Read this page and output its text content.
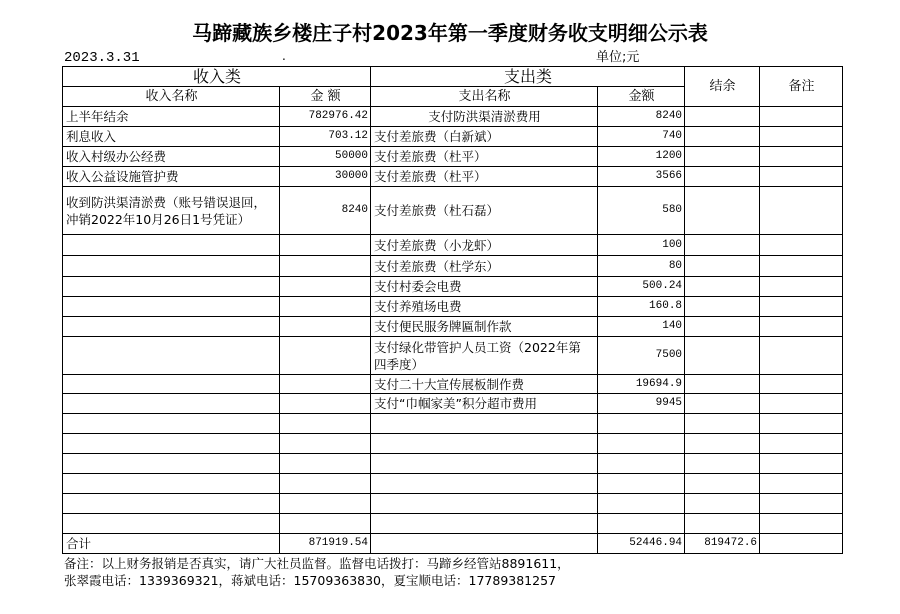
马蹄藏族乡楼庄子村2023年第一季度财务收支明细公示表
2023.3.31	.	单位;元
收入类		支出类		结余	备注
收入名称	金 额	支出名称	金额		
上半年结余	782976.42	支付防洪渠清淤费用	8240		
利息收入	703.12	支付差旅费（白新斌）	740		
收入村级办公经费	50000	支付差旅费（杜平）	1200		
收入公益设施管护费	30000	支付差旅费（杜平）	3566		
收到防洪渠清淤费（账号错误退回，
冲销2022年10月26日1号凭证）	8240	支付差旅费（杜石磊）	580		
		支付差旅费（小龙虾）	100		
		支付差旅费（杜学东）	80		
		支付村委会电费	500.24		
		支付养殖场电费	160.8		
		支付便民服务牌匾制作款	140		
		支付绿化带管护人员工资（2022年第
四季度）	7500		
		支付二十大宣传展板制作费	19694.9		
		支付“巾帼家美”积分超市费用	9945		

合计	871919.54		52446.94	819472.6	
备注：以上财务报销是否真实，请广大社员监督。监督电话拨打：马蹄乡经管站8891611，
张翠霞电话：1339369321，蒋斌电话：15709363830，夏宝顺电话：17789381257
